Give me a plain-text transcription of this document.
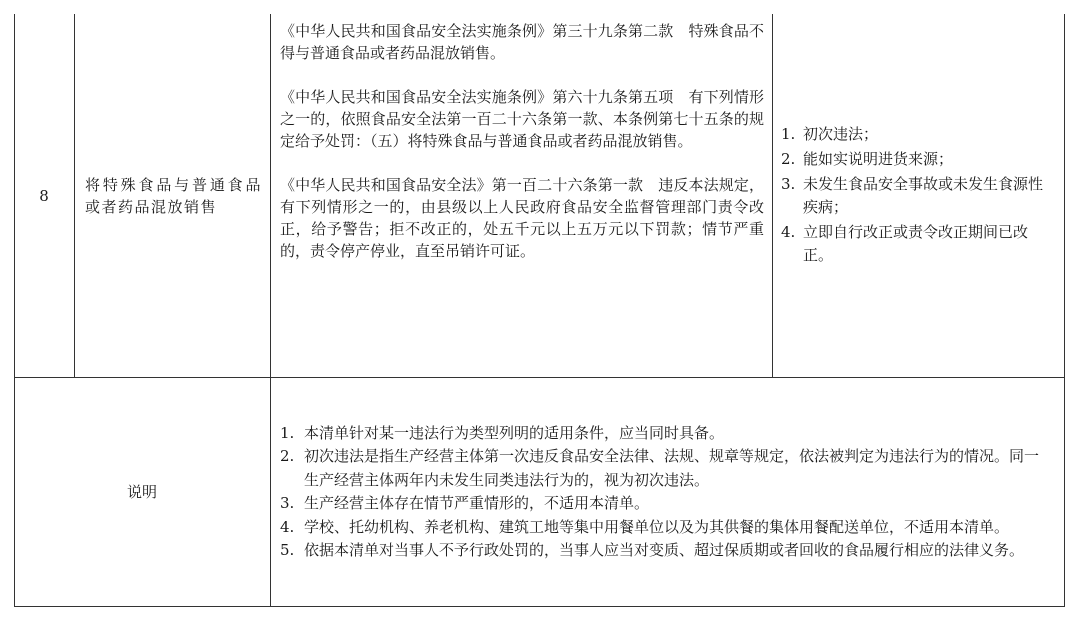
8
将特殊食品与普通食品或者药品混放销售

《中华人民共和国食品安全法实施条例》第三十九条第二款　特殊食品不得与普通食品或者药品混放销售。

《中华人民共和国食品安全法实施条例》第六十九条第五项　有下列情形之一的，依照食品安全法第一百二十六条第一款、本条例第七十五条的规定给予处罚：（五）将特殊食品与普通食品或者药品混放销售。

《中华人民共和国食品安全法》第一百二十六条第一款　违反本法规定，有下列情形之一的，由县级以上人民政府食品安全监督管理部门责令改正，给予警告；拒不改正的，处五千元以上五万元以下罚款；情节严重的，责令停产停业，直至吊销许可证。

1. 初次违法；
2. 能如实说明进货来源；
3. 未发生食品安全事故或未发生食源性疾病；
4. 立即自行改正或责令改正期间已改正。
说明
1. 本清单针对某一违法行为类型列明的适用条件，应当同时具备。
2. 初次违法是指生产经营主体第一次违反食品安全法律、法规、规章等规定，依法被判定为违法行为的情况。同一生产经营主体两年内未发生同类违法行为的，视为初次违法。
3. 生产经营主体存在情节严重情形的，不适用本清单。
4. 学校、托幼机构、养老机构、建筑工地等集中用餐单位以及为其供餐的集体用餐配送单位，不适用本清单。
5. 依据本清单对当事人不予行政处罚的，当事人应当对变质、超过保质期或者回收的食品履行相应的法律义务。
